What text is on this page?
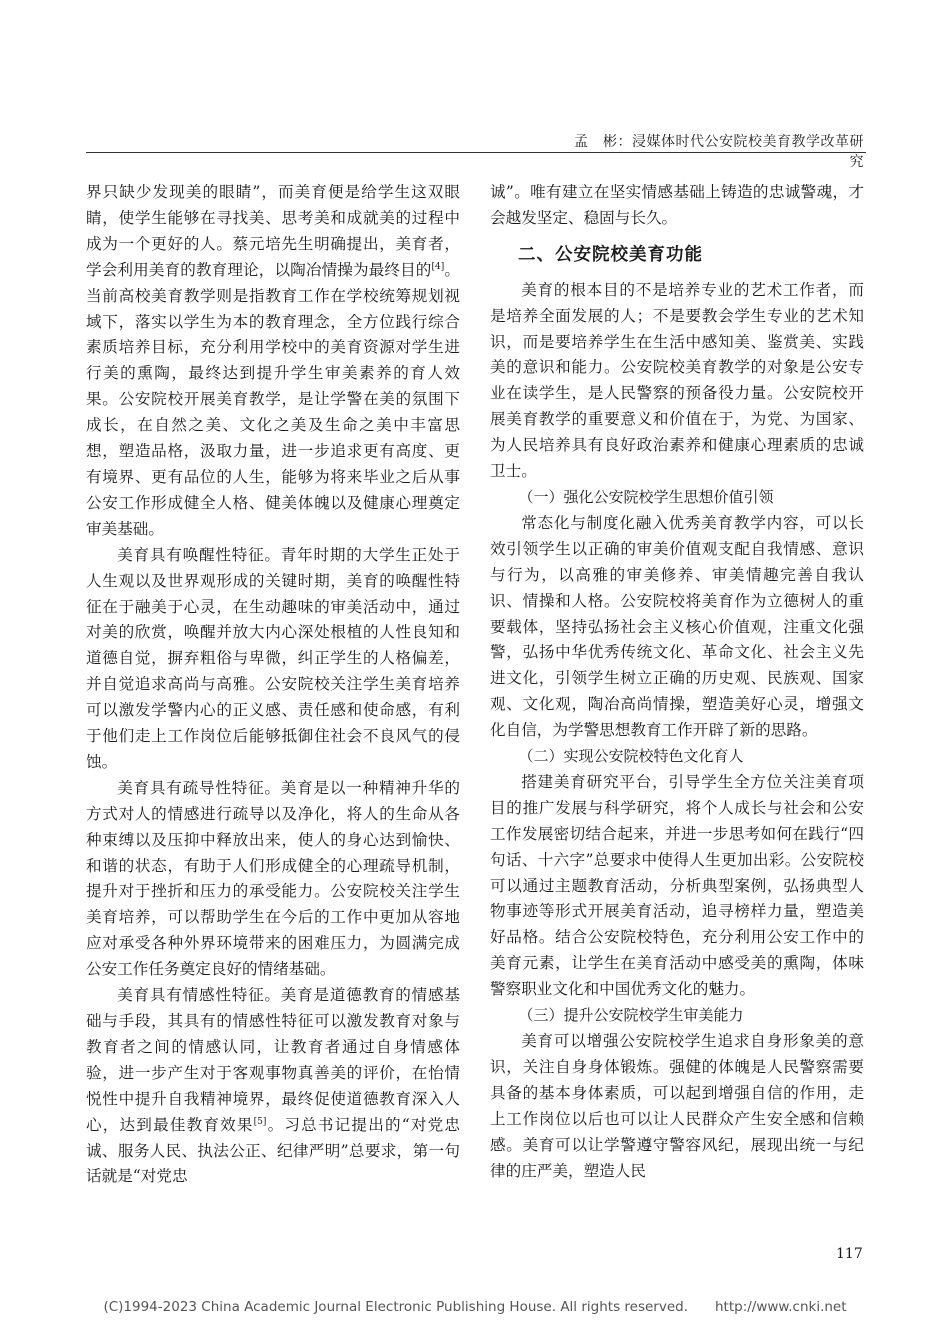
孟　彬：浸媒体时代公安院校美育教学改革研究

界只缺少发现美的眼睛”，而美育便是给学生这双眼睛，使学生能够在寻找美、思考美和成就美的过程中成为一个更好的人。蔡元培先生明确提出，美育者，学会利用美育的教育理论，以陶冶情操为最终目的[4]。当前高校美育教学则是指教育工作在学校统筹规划视域下，落实以学生为本的教育理念，全方位践行综合素质培养目标，充分利用学校中的美育资源对学生进行美的熏陶，最终达到提升学生审美素养的育人效果。公安院校开展美育教学，是让学警在美的氛围下成长，在自然之美、文化之美及生命之美中丰富思想，塑造品格，汲取力量，进一步追求更有高度、更有境界、更有品位的人生，能够为将来毕业之后从事公安工作形成健全人格、健美体魄以及健康心理奠定审美基础。

美育具有唤醒性特征。青年时期的大学生正处于人生观以及世界观形成的关键时期，美育的唤醒性特征在于融美于心灵，在生动趣味的审美活动中，通过对美的欣赏，唤醒并放大内心深处根植的人性良知和道德自觉，摒弃粗俗与卑微，纠正学生的人格偏差，并自觉追求高尚与高雅。公安院校关注学生美育培养可以激发学警内心的正义感、责任感和使命感，有利于他们走上工作岗位后能够抵御住社会不良风气的侵蚀。

美育具有疏导性特征。美育是以一种精神升华的方式对人的情感进行疏导以及净化，将人的生命从各种束缚以及压抑中释放出来，使人的身心达到愉快、和谐的状态，有助于人们形成健全的心理疏导机制，提升对于挫折和压力的承受能力。公安院校关注学生美育培养，可以帮助学生在今后的工作中更加从容地应对承受各种外界环境带来的困难压力，为圆满完成公安工作任务奠定良好的情绪基础。

美育具有情感性特征。美育是道德教育的情感基础与手段，其具有的情感性特征可以激发教育对象与教育者之间的情感认同，让教育者通过自身情感体验，进一步产生对于客观事物真善美的评价，在怡情悦性中提升自我精神境界，最终促使道德教育深入人心，达到最佳教育效果[5]。习总书记提出的“对党忠诚、服务人民、执法公正、纪律严明”总要求，第一句话就是“对党忠

诚”。唯有建立在坚实情感基础上铸造的忠诚警魂，才会越发坚定、稳固与长久。

二、公安院校美育功能

美育的根本目的不是培养专业的艺术工作者，而是培养全面发展的人；不是要教会学生专业的艺术知识，而是要培养学生在生活中感知美、鉴赏美、实践美的意识和能力。公安院校美育教学的对象是公安专业在读学生，是人民警察的预备役力量。公安院校开展美育教学的重要意义和价值在于，为党、为国家、为人民培养具有良好政治素养和健康心理素质的忠诚卫士。

（一）强化公安院校学生思想价值引领

常态化与制度化融入优秀美育教学内容，可以长效引领学生以正确的审美价值观支配自我情感、意识与行为，以高雅的审美修养、审美情趣完善自我认识、情操和人格。公安院校将美育作为立德树人的重要载体，坚持弘扬社会主义核心价值观，注重文化强警，弘扬中华优秀传统文化、革命文化、社会主义先进文化，引领学生树立正确的历史观、民族观、国家观、文化观，陶冶高尚情操，塑造美好心灵，增强文化自信，为学警思想教育工作开辟了新的思路。

（二）实现公安院校特色文化育人

搭建美育研究平台，引导学生全方位关注美育项目的推广发展与科学研究，将个人成长与社会和公安工作发展密切结合起来，并进一步思考如何在践行“四句话、十六字”总要求中使得人生更加出彩。公安院校可以通过主题教育活动，分析典型案例，弘扬典型人物事迹等形式开展美育活动，追寻榜样力量，塑造美好品格。结合公安院校特色，充分利用公安工作中的美育元素，让学生在美育活动中感受美的熏陶，体味警察职业文化和中国优秀文化的魅力。

（三）提升公安院校学生审美能力

美育可以增强公安院校学生追求自身形象美的意识，关注自身身体锻炼。强健的体魄是人民警察需要具备的基本身体素质，可以起到增强自信的作用，走上工作岗位以后也可以让人民群众产生安全感和信赖感。美育可以让学警遵守警容风纪，展现出统一与纪律的庄严美，塑造人民

117
(C)1994-2023 China Academic Journal Electronic Publishing House. All rights reserved.　　http://www.cnki.net
